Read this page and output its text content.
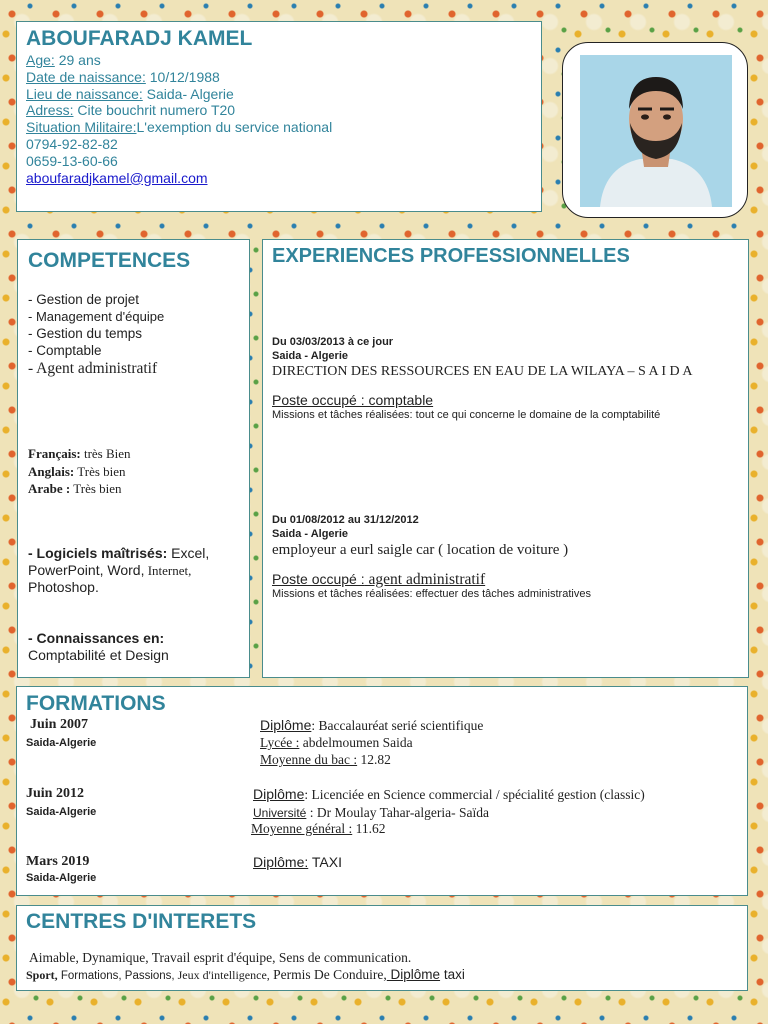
ABOUFARADJ KAMEL
Age: 29 ans
Date de naissance: 10/12/1988
Lieu de naissance: Saida- Algerie
Adress: Cite bouchrit numero T20
Situation Militaire:L'exemption du service national
0794-92-82-82
0659-13-60-66
aboufaradjkamel@gmail.com
COMPETENCES
- Gestion de projet
- Management d'équipe
- Gestion du temps
- Comptable
- Agent administratif
Français: très Bien
Anglais: Très bien
Arabe : Très bien
- Logiciels maîtrisés: Excel,
PowerPoint, Word, Internet,
Photoshop.
- Connaissances en:
Comptabilité et Design
EXPERIENCES PROFESSIONNELLES
Du 03/03/2013 à ce jour
Saida - Algerie
DIRECTION DES RESSOURCES EN EAU DE LA WILAYA – S A I D A
Poste occupé : comptable
Missions et tâches réalisées: tout ce qui concerne le domaine de la comptabilité
Du 01/08/2012 au 31/12/2012
Saida - Algerie
employeur a eurl saigle car ( location de voiture )
Poste occupé : agent administratif
Missions et tâches réalisées: effectuer des tâches administratives
FORMATIONS
Juin 2007
Saida-Algerie
Diplôme: Baccalauréat serié scientifique
Lycée : abdelmoumen Saida
Moyenne du bac : 12.82
Juin 2012
Saida-Algerie
Diplôme: Licenciée en Science commercial / spécialité gestion (classic)
Université : Dr Moulay Tahar-algeria- Saïda
Moyenne général : 11.62
Mars 2019
Saida-Algerie
Diplôme: TAXI
CENTRES D'INTERETS
Aimable, Dynamique, Travail esprit d'équipe, Sens de communication.
Sport, Formations, Passions, Jeux d'intelligence, Permis De Conduire, Diplôme taxi
